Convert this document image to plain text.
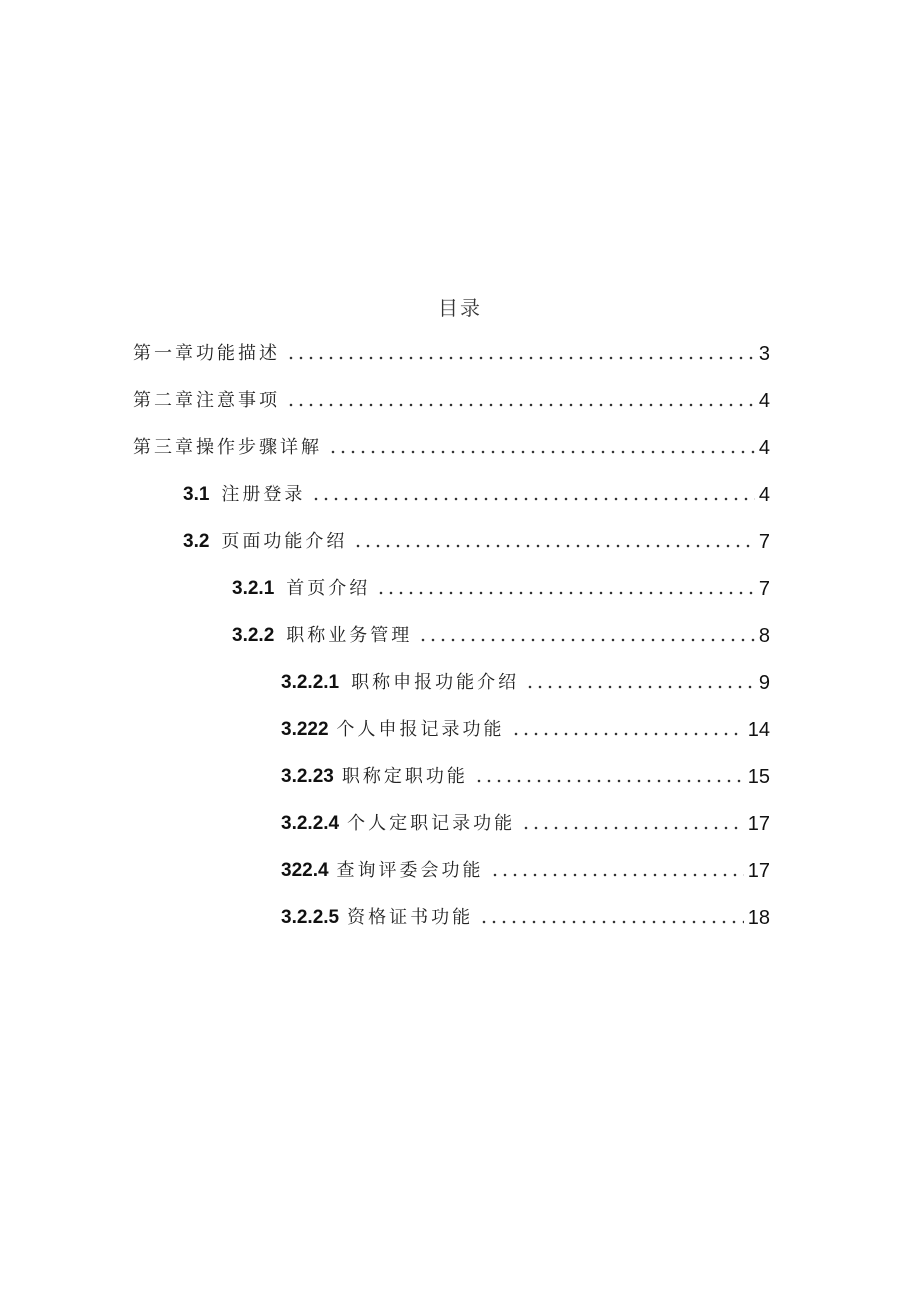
目录
第一章功能描述	3
第二章注意事项	4
第三章操作步骤详解	4
3.1 注册登录	4
3.2 页面功能介绍	7
3.2.1 首页介绍	7
3.2.2 职称业务管理	8
3.2.2.1 职称申报功能介绍	9
3.222 个人申报记录功能	14
3.2.23 职称定职功能	15
3.2.2.4 个人定职记录功能	17
322.4 查询评委会功能	17
3.2.2.5 资格证书功能	18
